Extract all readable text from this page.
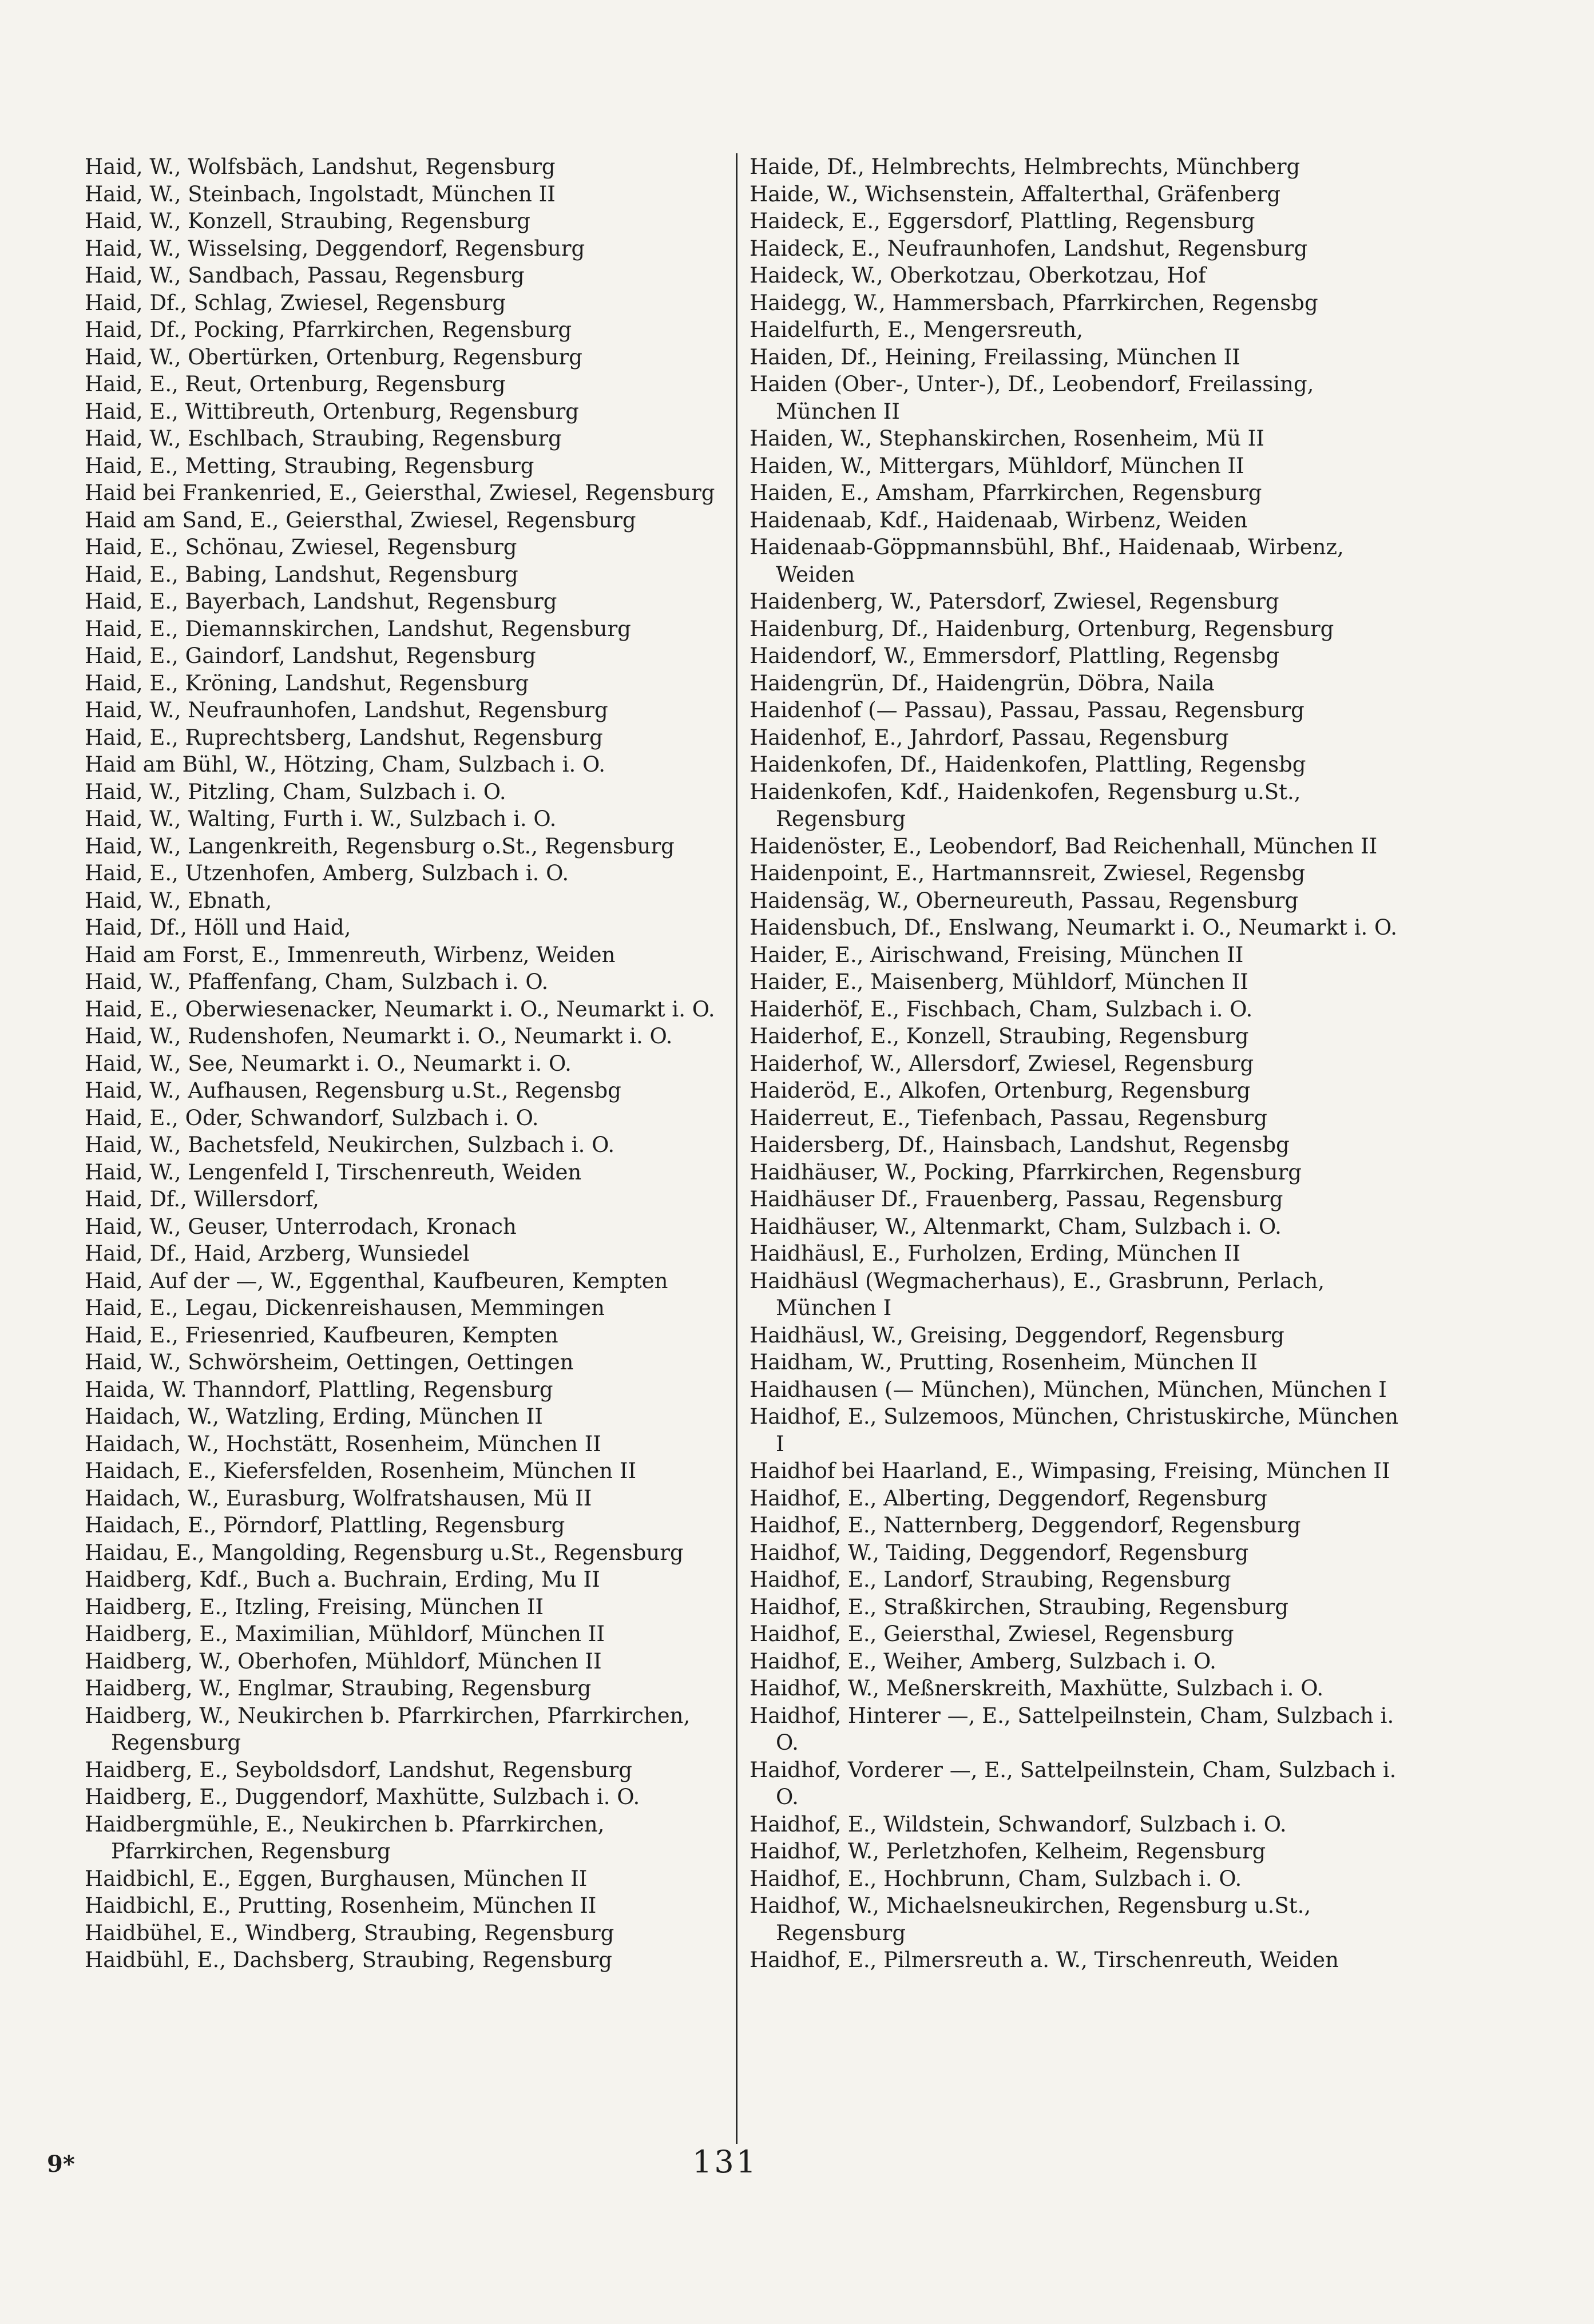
Haid, W., Wolfsbäch, Landshut, Regensburg

Haid, W., Steinbach, Ingolstadt, München II

Haid, W., Konzell, Straubing, Regensburg

Haid, W., Wisselsing, Deggendorf, Regensburg

Haid, W., Sandbach, Passau, Regensburg

Haid, Df., Schlag, Zwiesel, Regensburg

Haid, Df., Pocking, Pfarrkirchen, Regensburg

Haid, W., Obertürken, Ortenburg, Regensburg

Haid, E., Reut, Ortenburg, Regensburg

Haid, E., Wittibreuth, Ortenburg, Regensburg

Haid, W., Eschlbach, Straubing, Regensburg

Haid, E., Metting, Straubing, Regensburg

Haid bei Frankenried, E., Geiersthal, Zwiesel, Regensburg

Haid am Sand, E., Geiersthal, Zwiesel, Regensburg

Haid, E., Schönau, Zwiesel, Regensburg

Haid, E., Babing, Landshut, Regensburg

Haid, E., Bayerbach, Landshut, Regensburg

Haid, E., Diemannskirchen, Landshut, Regensburg

Haid, E., Gaindorf, Landshut, Regensburg

Haid, E., Kröning, Landshut, Regensburg

Haid, W., Neufraunhofen, Landshut, Regensburg

Haid, E., Ruprechtsberg, Landshut, Regensburg

Haid am Bühl, W., Hötzing, Cham, Sulzbach i. O.

Haid, W., Pitzling, Cham, Sulzbach i. O.

Haid, W., Walting, Furth i. W., Sulzbach i. O.

Haid, W., Langenkreith, Regensburg o.St., Regensburg

Haid, E., Utzenhofen, Amberg, Sulzbach i. O.

Haid, W., Ebnath,

Haid, Df., Höll und Haid,

Haid am Forst, E., Immenreuth, Wirbenz, Weiden

Haid, W., Pfaffenfang, Cham, Sulzbach i. O.

Haid, E., Oberwiesenacker, Neumarkt i. O., Neumarkt i. O.

Haid, W., Rudenshofen, Neumarkt i. O., Neumarkt i. O.

Haid, W., See, Neumarkt i. O., Neumarkt i. O.

Haid, W., Aufhausen, Regensburg u.St., Regensbg

Haid, E., Oder, Schwandorf, Sulzbach i. O.

Haid, W., Bachetsfeld, Neukirchen, Sulzbach i. O.

Haid, W., Lengenfeld I, Tirschenreuth, Weiden

Haid, Df., Willersdorf,

Haid, W., Geuser, Unterrodach, Kronach

Haid, Df., Haid, Arzberg, Wunsiedel

Haid, Auf der —, W., Eggenthal, Kaufbeuren, Kempten

Haid, E., Legau, Dickenreishausen, Memmingen

Haid, E., Friesenried, Kaufbeuren, Kempten

Haid, W., Schwörsheim, Oettingen, Oettingen

Haida, W. Thanndorf, Plattling, Regensburg

Haidach, W., Watzling, Erding, München II

Haidach, W., Hochstätt, Rosenheim, München II

Haidach, E., Kiefersfelden, Rosenheim, München II

Haidach, W., Eurasburg, Wolfratshausen, Mü II

Haidach, E., Pörndorf, Plattling, Regensburg

Haidau, E., Mangolding, Regensburg u.St., Regensburg

Haidberg, Kdf., Buch a. Buchrain, Erding, Mu II

Haidberg, E., Itzling, Freising, München II

Haidberg, E., Maximilian, Mühldorf, München II

Haidberg, W., Oberhofen, Mühldorf, München II

Haidberg, W., Englmar, Straubing, Regensburg

Haidberg, W., Neukirchen b. Pfarrkirchen, Pfarrkirchen, Regensburg

Haidberg, E., Seyboldsdorf, Landshut, Regensburg

Haidberg, E., Duggendorf, Maxhütte, Sulzbach i. O.

Haidbergmühle, E., Neukirchen b. Pfarrkirchen, Pfarrkirchen, Regensburg

Haidbichl, E., Eggen, Burghausen, München II

Haidbichl, E., Prutting, Rosenheim, München II

Haidbühel, E., Windberg, Straubing, Regensburg

Haidbühl, E., Dachsberg, Straubing, Regensburg

Haide, Df., Helmbrechts, Helmbrechts, Münchberg

Haide, W., Wichsenstein, Affalterthal, Gräfenberg

Haideck, E., Eggersdorf, Plattling, Regensburg

Haideck, E., Neufraunhofen, Landshut, Regensburg

Haideck, W., Oberkotzau, Oberkotzau, Hof

Haidegg, W., Hammersbach, Pfarrkirchen, Regensbg

Haidelfurth, E., Mengersreuth,

Haiden, Df., Heining, Freilassing, München II

Haiden (Ober-, Unter-), Df., Leobendorf, Freilassing, München II

Haiden, W., Stephanskirchen, Rosenheim, Mü II

Haiden, W., Mittergars, Mühldorf, München II

Haiden, E., Amsham, Pfarrkirchen, Regensburg

Haidenaab, Kdf., Haidenaab, Wirbenz, Weiden

Haidenaab-Göppmannsbühl, Bhf., Haidenaab, Wirbenz, Weiden

Haidenberg, W., Patersdorf, Zwiesel, Regensburg

Haidenburg, Df., Haidenburg, Ortenburg, Regensburg

Haidendorf, W., Emmersdorf, Plattling, Regensbg

Haidengrün, Df., Haidengrün, Döbra, Naila

Haidenhof (— Passau), Passau, Passau, Regensburg

Haidenhof, E., Jahrdorf, Passau, Regensburg

Haidenkofen, Df., Haidenkofen, Plattling, Regensbg

Haidenkofen, Kdf., Haidenkofen, Regensburg u.St., Regensburg

Haidenöster, E., Leobendorf, Bad Reichenhall, München II

Haidenpoint, E., Hartmannsreit, Zwiesel, Regensbg

Haidensäg, W., Oberneureuth, Passau, Regensburg

Haidensbuch, Df., Enslwang, Neumarkt i. O., Neumarkt i. O.

Haider, E., Airischwand, Freising, München II

Haider, E., Maisenberg, Mühldorf, München II

Haiderhöf, E., Fischbach, Cham, Sulzbach i. O.

Haiderhof, E., Konzell, Straubing, Regensburg

Haiderhof, W., Allersdorf, Zwiesel, Regensburg

Haideröd, E., Alkofen, Ortenburg, Regensburg

Haiderreut, E., Tiefenbach, Passau, Regensburg

Haidersberg, Df., Hainsbach, Landshut, Regensbg

Haidhäuser, W., Pocking, Pfarrkirchen, Regensburg

Haidhäuser Df., Frauenberg, Passau, Regensburg

Haidhäuser, W., Altenmarkt, Cham, Sulzbach i. O.

Haidhäusl, E., Furholzen, Erding, München II

Haidhäusl (Wegmacherhaus), E., Grasbrunn, Perlach, München I

Haidhäusl, W., Greising, Deggendorf, Regensburg

Haidham, W., Prutting, Rosenheim, München II

Haidhausen (— München), München, München, München I

Haidhof, E., Sulzemoos, München, Christuskirche, München I

Haidhof bei Haarland, E., Wimpasing, Freising, München II

Haidhof, E., Alberting, Deggendorf, Regensburg

Haidhof, E., Natternberg, Deggendorf, Regensburg

Haidhof, W., Taiding, Deggendorf, Regensburg

Haidhof, E., Landorf, Straubing, Regensburg

Haidhof, E., Straßkirchen, Straubing, Regensburg

Haidhof, E., Geiersthal, Zwiesel, Regensburg

Haidhof, E., Weiher, Amberg, Sulzbach i. O.

Haidhof, W., Meßnerskreith, Maxhütte, Sulzbach i. O.

Haidhof, Hinterer —, E., Sattelpeilnstein, Cham, Sulzbach i. O.

Haidhof, Vorderer —, E., Sattelpeilnstein, Cham, Sulzbach i. O.

Haidhof, E., Wildstein, Schwandorf, Sulzbach i. O.

Haidhof, W., Perletzhofen, Kelheim, Regensburg

Haidhof, E., Hochbrunn, Cham, Sulzbach i. O.

Haidhof, W., Michaelsneukirchen, Regensburg u.St., Regensburg

Haidhof, E., Pilmersreuth a. W., Tirschenreuth, Weiden

9*	131
